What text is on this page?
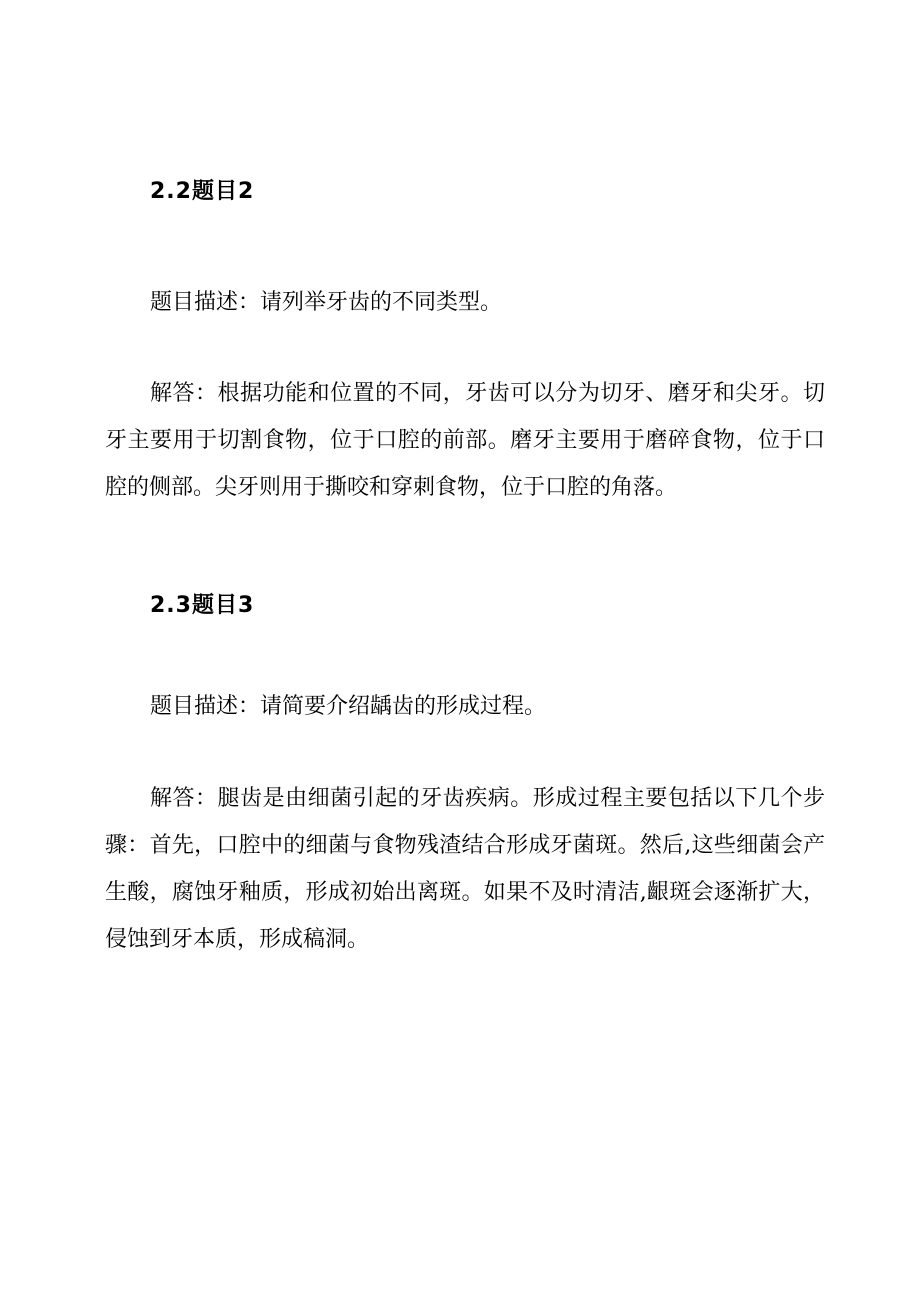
2.2题目2
题目描述：请列举牙齿的不同类型。
解答：根据功能和位置的不同，牙齿可以分为切牙、磨牙和尖牙。切牙主要用于切割食物，位于口腔的前部。磨牙主要用于磨碎食物，位于口腔的侧部。尖牙则用于撕咬和穿刺食物，位于口腔的角落。
2.3题目3
题目描述：请简要介绍龋齿的形成过程。
解答：腿齿是由细菌引起的牙齿疾病。形成过程主要包括以下几个步骤：首先，口腔中的细菌与食物残渣结合形成牙菌斑。然后,这些细菌会产生酸，腐蚀牙釉质，形成初始出离斑。如果不及时清洁,齦斑会逐渐扩大，侵蚀到牙本质，形成稿洞。
